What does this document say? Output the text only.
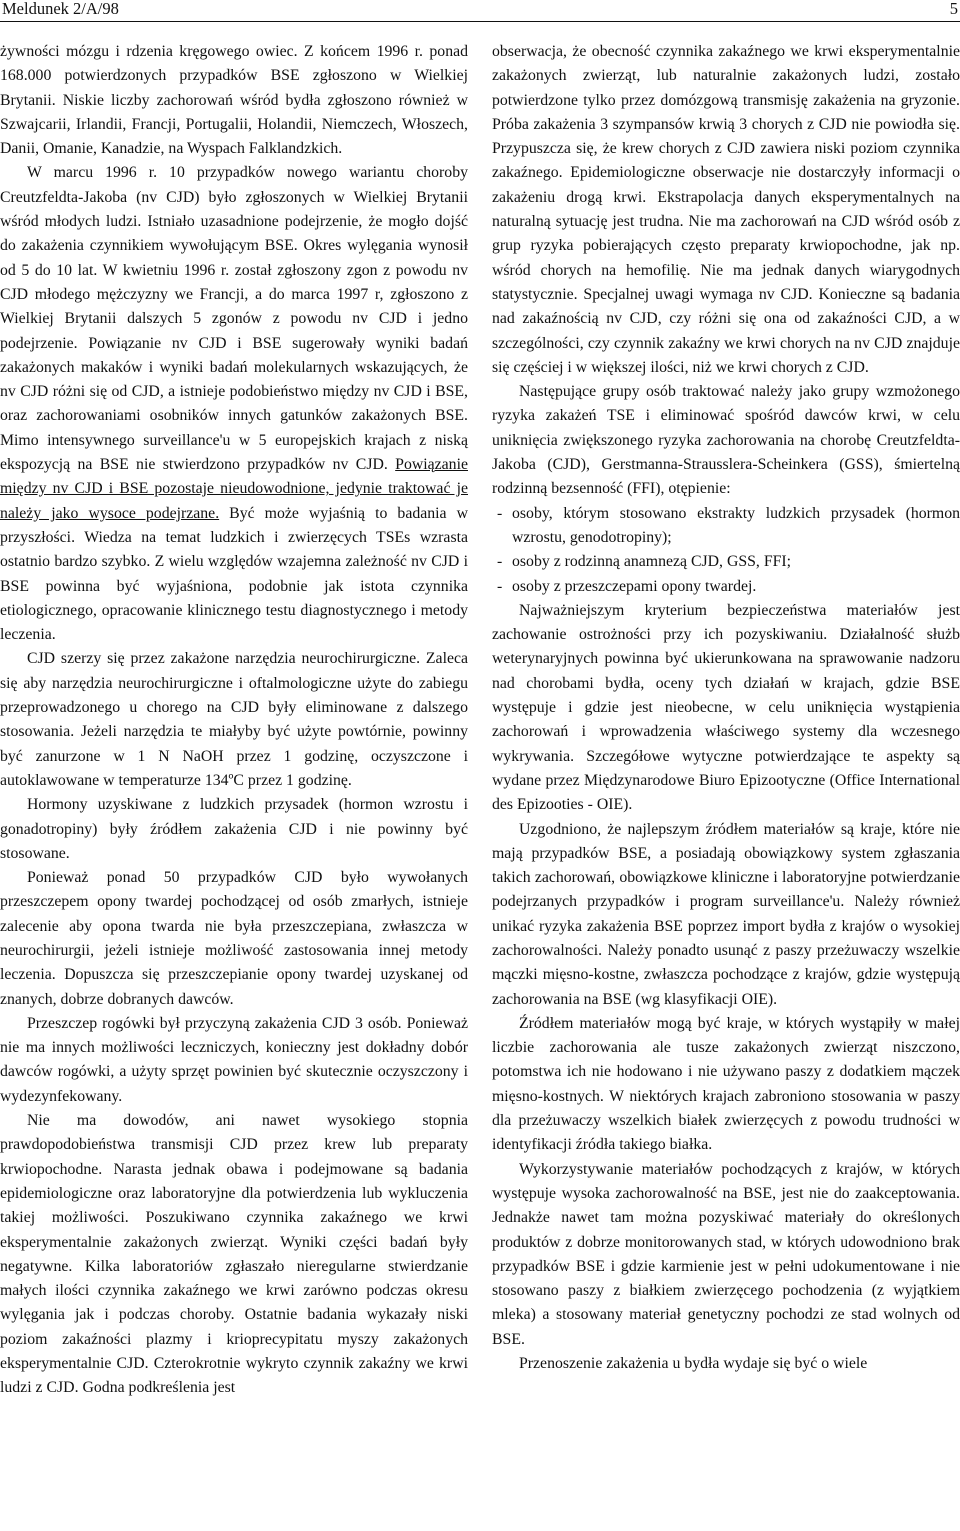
Meldunek 2/A/98	5

żywności mózgu i rdzenia kręgowego owiec. Z końcem 1996 r. ponad 168.000 potwierdzonych przypadków BSE zgłoszono w Wielkiej Brytanii. Niskie liczby zachorowań wśród bydła zgłoszono również w Szwajcarii, Irlandii, Francji, Portugalii, Holandii, Niemczech, Włoszech, Danii, Omanie, Kanadzie, na Wyspach Falklandzkich.

W marcu 1996 r. 10 przypadków nowego wariantu choroby Creutzfeldta-Jakoba (nv CJD) było zgłoszonych w Wielkiej Brytanii wśród młodych ludzi. Istniało uzasadnione podejrzenie, że mogło dojść do zakażenia czynnikiem wywołującym BSE. Okres wylęgania wynosił od 5 do 10 lat. W kwietniu 1996 r. został zgłoszony zgon z powodu nv CJD młodego mężczyzny we Francji, a do marca 1997 r, zgłoszono z Wielkiej Brytanii dalszych 5 zgonów z powodu nv CJD i jedno podejrzenie. Powiązanie nv CJD i BSE sugerowały wyniki badań zakażonych makaków i wyniki badań molekularnych wskazujących, że nv CJD różni się od CJD, a istnieje podobieństwo między nv CJD i BSE, oraz zachorowaniami osobników innych gatunków zakażonych BSE. Mimo intensywnego surveillance'u w 5 europejskich krajach z niską ekspozycją na BSE nie stwierdzono przypadków nv CJD. Powiązanie między nv CJD i BSE pozostaje nieudowodnione, jedynie traktować je należy jako wysoce podejrzane. Być może wyjaśnią to badania w przyszłości. Wiedza na temat ludzkich i zwierzęcych TSEs wzrasta ostatnio bardzo szybko. Z wielu względów wzajemna zależność nv CJD i BSE powinna być wyjaśniona, podobnie jak istota czynnika etiologicznego, opracowanie klinicznego testu diagnostycznego i metody leczenia.

CJD szerzy się przez zakażone narzędzia neurochirurgiczne. Zaleca się aby narzędzia neurochirurgiczne i oftalmologiczne użyte do zabiegu przeprowadzonego u chorego na CJD były eliminowane z dalszego stosowania. Jeżeli narzędzia te miałyby być użyte powtórnie, powinny być zanurzone w 1 N NaOH przez 1 godzinę, oczyszczone i autoklawowane w temperaturze 134ºC przez 1 godzinę.

Hormony uzyskiwane z ludzkich przysadek (hormon wzrostu i gonadotropiny) były źródłem zakażenia CJD i nie powinny być stosowane.

Ponieważ ponad 50 przypadków CJD było wywołanych przeszczepem opony twardej pochodzącej od osób zmarłych, istnieje zalecenie aby opona twarda nie była przeszczepiana, zwłaszcza w neurochirurgii, jeżeli istnieje możliwość zastosowania innej metody leczenia. Dopuszcza się przeszczepianie opony twardej uzyskanej od znanych, dobrze dobranych dawców.

Przeszczep rogówki był przyczyną zakażenia CJD 3 osób. Ponieważ nie ma innych możliwości leczniczych, konieczny jest dokładny dobór dawców rogówki, a użyty sprzęt powinien być skutecznie oczyszczony i wydezynfekowany.

Nie ma dowodów, ani nawet wysokiego stopnia prawdopodobieństwa transmisji CJD przez krew lub preparaty krwiopochodne. Narasta jednak obawa i podejmowane są badania epidemiologiczne oraz laboratoryjne dla potwierdzenia lub wykluczenia takiej możliwości. Poszukiwano czynnika zakaźnego we krwi eksperymentalnie zakażonych zwierząt. Wyniki części badań były negatywne. Kilka laboratoriów zgłaszało nieregularne stwierdzanie małych ilości czynnika zakaźnego we krwi zarówno podczas okresu wylęgania jak i podczas choroby. Ostatnie badania wykazały niski poziom zakaźności plazmy i krioprecypitatu myszy zakażonych eksperymentalnie CJD. Czterokrotnie wykryto czynnik zakaźny we krwi ludzi z CJD. Godna podkreślenia jest

obserwacja, że obecność czynnika zakaźnego we krwi eksperymentalnie zakażonych zwierząt, lub naturalnie zakażonych ludzi, zostało potwierdzone tylko przez domózgową transmisję zakażenia na gryzonie. Próba zakażenia 3 szympansów krwią 3 chorych z CJD nie powiodła się. Przypuszcza się, że krew chorych z CJD zawiera niski poziom czynnika zakaźnego. Epidemiologiczne obserwacje nie dostarczyły informacji o zakażeniu drogą krwi. Ekstrapolacja danych eksperymentalnych na naturalną sytuację jest trudna. Nie ma zachorowań na CJD wśród osób z grup ryzyka pobierających często preparaty krwiopochodne, jak np. wśród chorych na hemofilię. Nie ma jednak danych wiarygodnych statystycznie. Specjalnej uwagi wymaga nv CJD. Konieczne są badania nad zakaźnością nv CJD, czy różni się ona od zakaźności CJD, a w szczególności, czy czynnik zakaźny we krwi chorych na nv CJD znajduje się częściej i w większej ilości, niż we krwi chorych z CJD.

Następujące grupy osób traktować należy jako grupy wzmożonego ryzyka zakażeń TSE i eliminować spośród dawców krwi, w celu uniknięcia zwiększonego ryzyka zachorowania na chorobę Creutzfeldta-Jakoba (CJD), Gerstmanna-Strausslera-Scheinkera (GSS), śmiertelną rodzinną bezsenność (FFI), otępienie:

- osoby, którym stosowano ekstrakty ludzkich przysadek (hormon wzrostu, genodotropiny);
- osoby z rodzinną anamnezą CJD, GSS, FFI;
- osoby z przeszczepami opony twardej.

Najważniejszym kryterium bezpieczeństwa materiałów jest zachowanie ostrożności przy ich pozyskiwaniu. Działalność służb weterynaryjnych powinna być ukierunkowana na sprawowanie nadzoru nad chorobami bydła, oceny tych działań w krajach, gdzie BSE występuje i gdzie jest nieobecne, w celu uniknięcia wystąpienia zachorowań i wprowadzenia właściwego systemy dla wczesnego wykrywania. Szczegółowe wytyczne potwierdzające te aspekty są wydane przez Międzynarodowe Biuro Epizootyczne (Office International des Epizooties - OIE).

Uzgodniono, że najlepszym źródłem materiałów są kraje, które nie mają przypadków BSE, a posiadają obowiązkowy system zgłaszania takich zachorowań, obowiązkowe kliniczne i laboratoryjne potwierdzanie podejrzanych przypadków i program surveillance'u. Należy również unikać ryzyka zakażenia BSE poprzez import bydła z krajów o wysokiej zachorowalności. Należy ponadto usunąć z paszy przeżuwaczy wszelkie mączki mięsno-kostne, zwłaszcza pochodzące z krajów, gdzie występują zachorowania na BSE (wg klasyfikacji OIE).

Źródłem materiałów mogą być kraje, w których wystąpiły w małej liczbie zachorowania ale tusze zakażonych zwierząt niszczono, potomstwa ich nie hodowano i nie używano paszy z dodatkiem mączek mięsno-kostnych. W niektórych krajach zabroniono stosowania w paszy dla przeżuwaczy wszelkich białek zwierzęcych z powodu trudności w identyfikacji źródła takiego białka.

Wykorzystywanie materiałów pochodzących z krajów, w których występuje wysoka zachorowalność na BSE, jest nie do zaakceptowania. Jednakże nawet tam można pozyskiwać materiały do określonych produktów z dobrze monitorowanych stad, w których udowodniono brak przypadków BSE i gdzie karmienie jest w pełni udokumentowane i nie stosowano paszy z białkiem zwierzęcego pochodzenia (z wyjątkiem mleka) a stosowany materiał genetyczny pochodzi ze stad wolnych od BSE.

Przenoszenie zakażenia u bydła wydaje się być o wiele
